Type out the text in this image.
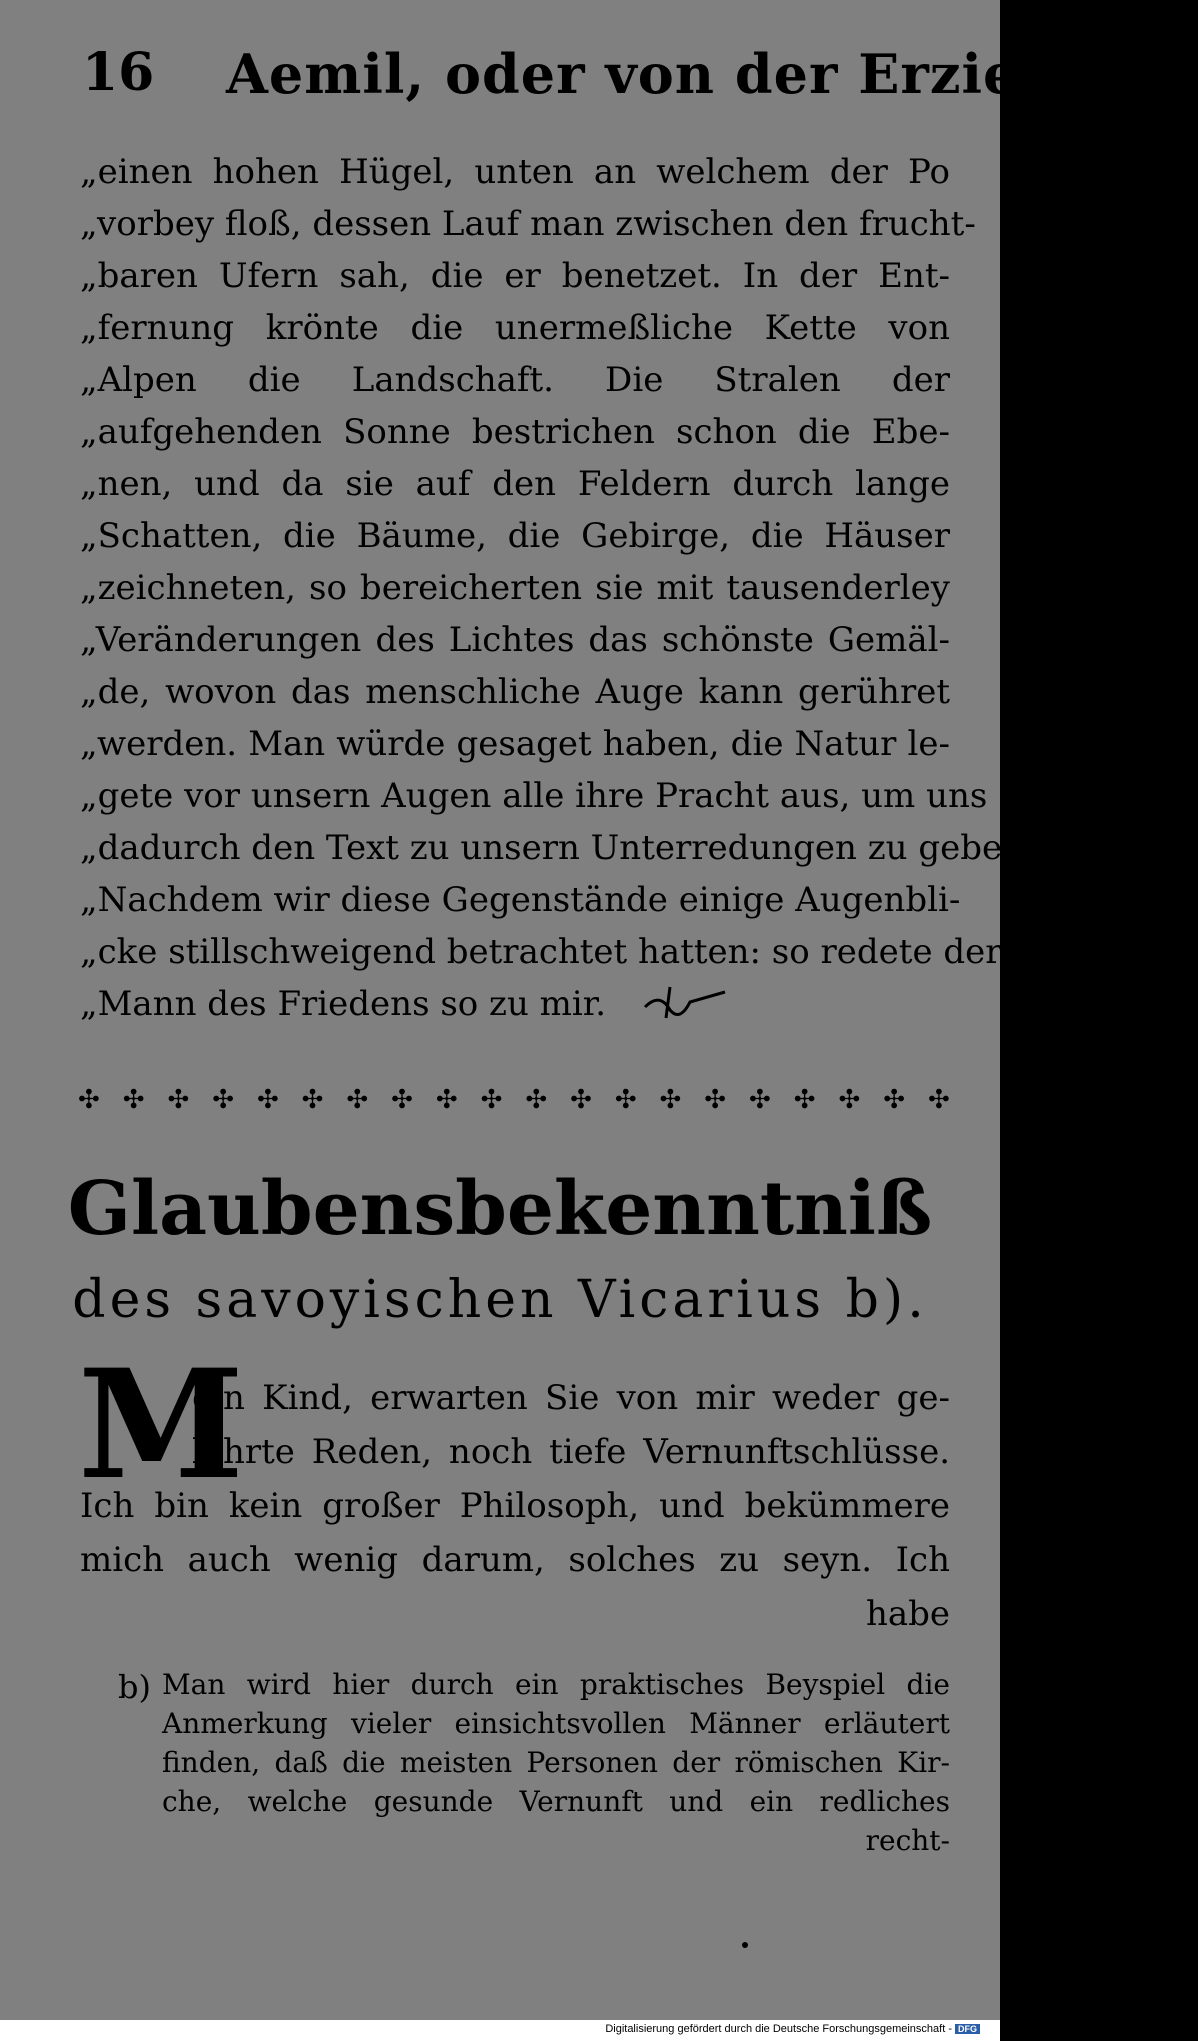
16 Aemil, oder von der Erziehung.
„einen hohen Hügel, unten an welchem der Po
„vorbey floß, dessen Lauf man zwischen den frucht-
„baren Ufern sah, die er benetzet. In der Ent-
„fernung krönte die unermeßliche Kette von
„Alpen die Landschaft. Die Stralen der
„aufgehenden Sonne bestrichen schon die Ebe-
„nen, und da sie auf den Feldern durch lange
„Schatten, die Bäume, die Gebirge, die Häuser
„zeichneten, so bereicherten sie mit tausenderley
„Veränderungen des Lichtes das schönste Gemäl-
„de, wovon das menschliche Auge kann gerühret
„werden. Man würde gesaget haben, die Natur le-
„gete vor unsern Augen alle ihre Pracht aus, um uns
„dadurch den Text zu unsern Unterredungen zu geben.
„Nachdem wir diese Gegenstände einige Augenbli-
„cke stillschweigend betrachtet hatten: so redete der
„Mann des Friedens so zu mir.
✣ ✣ ✣ ✣ ✣ ✣ ✣ ✣ ✣ ✣ ✣ ✣ ✣ ✣ ✣ ✣ ✣ ✣ ✣ ✣
Glaubensbekenntniß
des savoyischen Vicarius b).
M
ein Kind, erwarten Sie von mir weder ge-
lehrte Reden, noch tiefe Vernunftschlüsse.
Ich bin kein großer Philosoph, und bekümmere
mich auch wenig darum, solches zu seyn. Ich
habe
b) Man wird hier durch ein praktisches Beyspiel die
Anmerkung vieler einsichtsvollen Männer erläutert
finden, daß die meisten Personen der römischen Kir-
che, welche gesunde Vernunft und ein redliches
recht-
Digitalisierung gefördert durch die Deutsche Forschungsgemeinschaft - DFG
